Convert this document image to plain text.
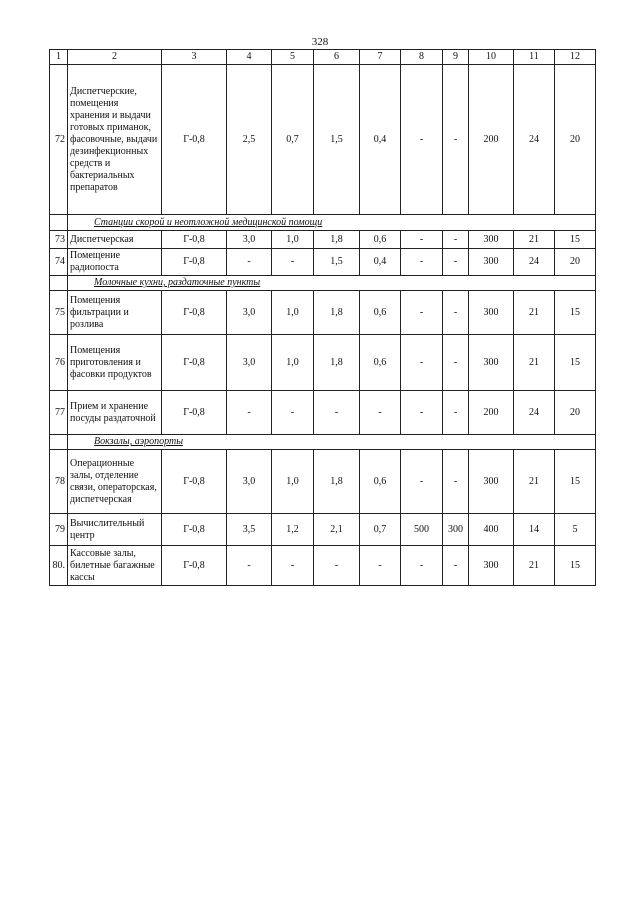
328
1	2	3	4	5	6	7	8	9	10	11	12
72	Диспетчерские, помещения хранения и выдачи готовых приманок, фасовочные, выдачи дезинфекционных средств и бактериальных препаратов	Г-0,8	2,5	0,7	1,5	0,4	-	-	200	24	20
	Станции скорой и неотложной медицинской помощи										
73	Диспетчерская	Г-0,8	3,0	1,0	1,8	0,6	-	-	300	21	15
74	Помещение радиопоста	Г-0,8	-	-	1,5	0,4	-	-	300	24	20
	Молочные кухни, раздаточные пункты										
75	Помещения фильтрации и розлива	Г-0,8	3,0	1,0	1,8	0,6	-	-	300	21	15
76	Помещения приготовления и фасовки продуктов	Г-0,8	3,0	1,0	1,8	0,6	-	-	300	21	15
77	Прием и хранение посуды раздаточной	Г-0,8	-	-	-	-	-	-	200	24	20
	Вокзалы, аэропорты										
78	Операционные залы, отделение связи, операторская, диспетчерская	Г-0,8	3,0	1,0	1,8	0,6	-	-	300	21	15
79	Вычислительный центр	Г-0,8	3,5	1,2	2,1	0,7	500	300	400	14	5
80.	Кассовые залы, билетные багажные кассы	Г-0,8	-	-	-	-	-	-	300	21	15
